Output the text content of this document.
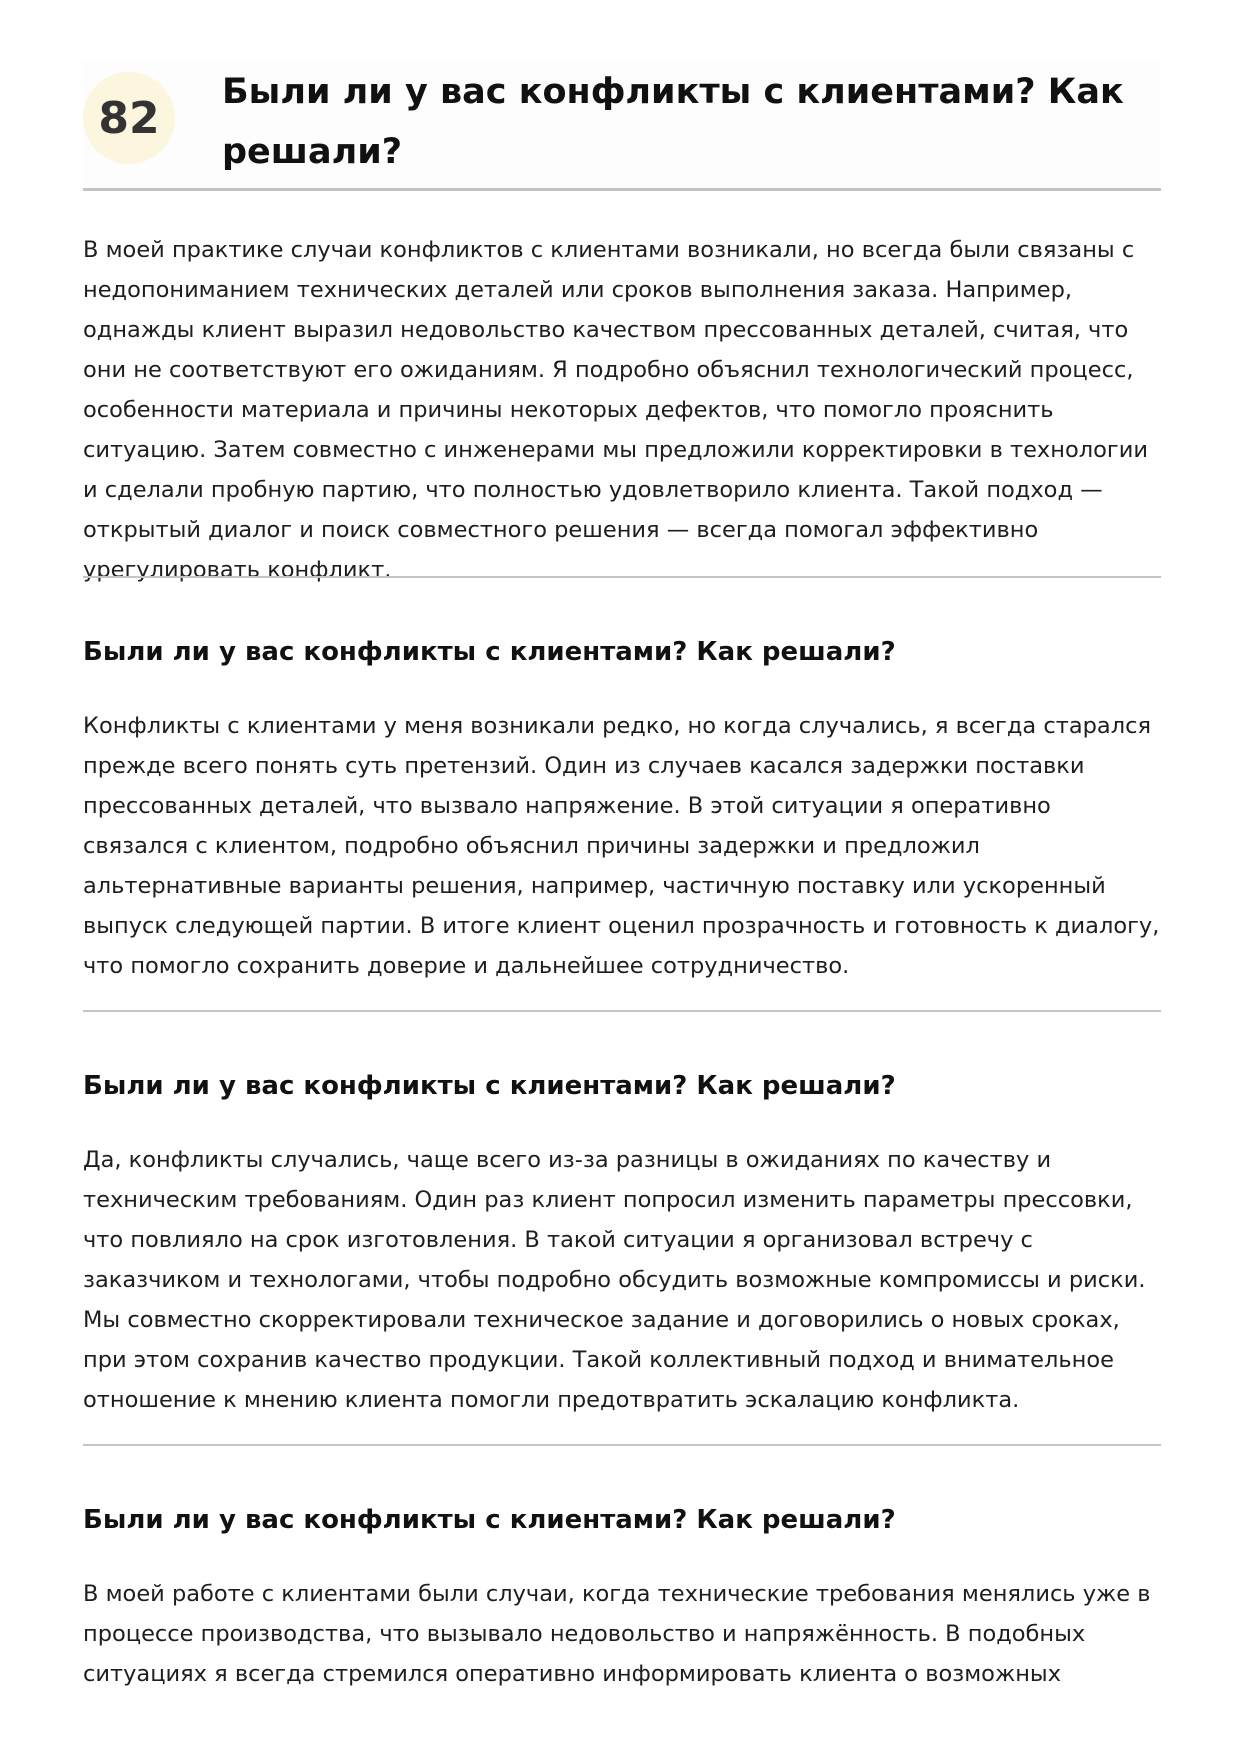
82
Были ли у вас конфликты с клиентами? Как решали?

В моей практике случаи конфликтов с клиентами возникали, но всегда были связаны с недопониманием технических деталей или сроков выполнения заказа. Например, однажды клиент выразил недовольство качеством прессованных деталей, считая, что они не соответствуют его ожиданиям. Я подробно объяснил технологический процесс, особенности материала и причины некоторых дефектов, что помогло прояснить ситуацию. Затем совместно с инженерами мы предложили корректировки в технологии и сделали пробную партию, что полностью удовлетворило клиента. Такой подход — открытый диалог и поиск совместного решения — всегда помогал эффективно урегулировать конфликт.

Были ли у вас конфликты с клиентами? Как решали?

Конфликты с клиентами у меня возникали редко, но когда случались, я всегда старался прежде всего понять суть претензий. Один из случаев касался задержки поставки прессованных деталей, что вызвало напряжение. В этой ситуации я оперативно связался с клиентом, подробно объяснил причины задержки и предложил альтернативные варианты решения, например, частичную поставку или ускоренный выпуск следующей партии. В итоге клиент оценил прозрачность и готовность к диалогу, что помогло сохранить доверие и дальнейшее сотрудничество.

Были ли у вас конфликты с клиентами? Как решали?

Да, конфликты случались, чаще всего из-за разницы в ожиданиях по качеству и техническим требованиям. Один раз клиент попросил изменить параметры прессовки, что повлияло на срок изготовления. В такой ситуации я организовал встречу с заказчиком и технологами, чтобы подробно обсудить возможные компромиссы и риски. Мы совместно скорректировали техническое задание и договорились о новых сроках, при этом сохранив качество продукции. Такой коллективный подход и внимательное отношение к мнению клиента помогли предотвратить эскалацию конфликта.

Были ли у вас конфликты с клиентами? Как решали?

В моей работе с клиентами были случаи, когда технические требования менялись уже в процессе производства, что вызывало недовольство и напряжённость. В подобных ситуациях я всегда стремился оперативно информировать клиента о возможных
